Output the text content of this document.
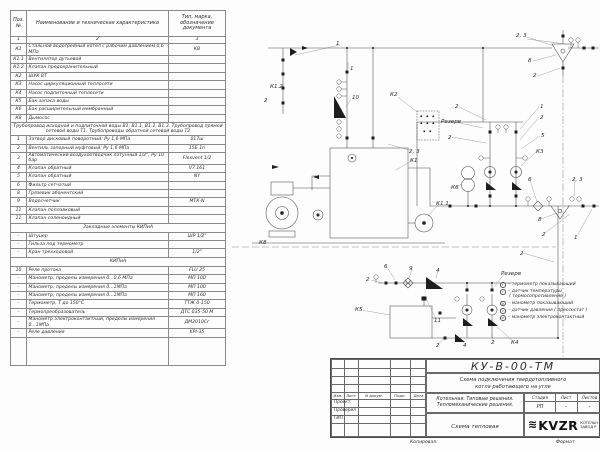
Поз. №	Наименование и техническая характеристика	Тип, марка, обозначение документа
1	2	3
К1	Стальной водогрейный котел с рабочим давлением 0,6 МПа	КВ
К1.1	Вентилятор дутьевой	
К1.2	Клапан предохранительный	
К2	ШУК ВТ	
К3	Насос циркуляционный теплосети	
К4	Насос подпиточный теплосети	
К5	Бак запаса воды	
К6	Бак расширительный мембранный	
К8	Дымосос	
Трубопровод исходной и подпиточной воды В1, В1.1, В1.2, В1.3. Трубопровод прямой сетевой воды Т1. Трубопроводы обратной сетевой воды Т2		
1	Затвор дисковый поворотный: Ру 1,6 МПа	017ш
2	Вентиль запорный муфтовый: Ру 1,6 МПа	15Б 1п
3	Автоматический воздухоотводчик латунный 1/2", Ру 10 бар	Flexvent 1/2
4	Клапан обратный	V7.161
5	Клапан обратный	NY
6	Фильтр сетчатый	
8	Грязевик абонентский	
9	Водосчетчик	МТК-N
11	Клапан поплавковый	
11	Клапан соленоидный	
Закладные элементы КИПиА		
–	Штуцер	ШР 1/2"
–	Гильза под термометр	
–	Кран трехходовой	1/2"
КИПиА		
10	Реле протока	FLU 25
–	Манометр, пределы измерения 0...0,6 МПа	МП 100
–	Манометр, пределы измерения 0...1МПа	МП 100
–	Манометр, пределы измерения 0...1МПа	МП 160
–	Термометр, Т до 150°С	ТТЖ 0-150
–	Термопреобразователь	ДТС 035-50 М
–	Манометр электроконтактный, пределы измерения 0...1МПа	ДМ2010Сг
–	Реле давления	KPI-35

1
К1.2
2
1
10	К2
2, 3
8
2
2
Резерв
1
2
2	5
К3
2, 3
К1
К6
6	2, 3
К1.1
К8
8
2	1
2
2
6	9	4
К5
11
Резерв
2	4	2	К4
Т	– термометр показывающий
Т	– датчик температуры
( термосопротивление )
М – манометр показывающий
Р	– датчик давления ( прессостат )
М – манометр электроконтактный
Изм. Лист	N докум.	Подп.	Дата
Проект.
Проверил
ГИП
КУ-В-00-ТМ
Схема подключения твердотопливного
котла работающего на угле
Котельная. Типовые решения.
Тепломеханические решения.
Стадия	Лист	Листов
РП	-	-
Схема тепловая	≋ KVZR КОТЕЛЬН
ЗАВОД Р
Копировал:	Формат
